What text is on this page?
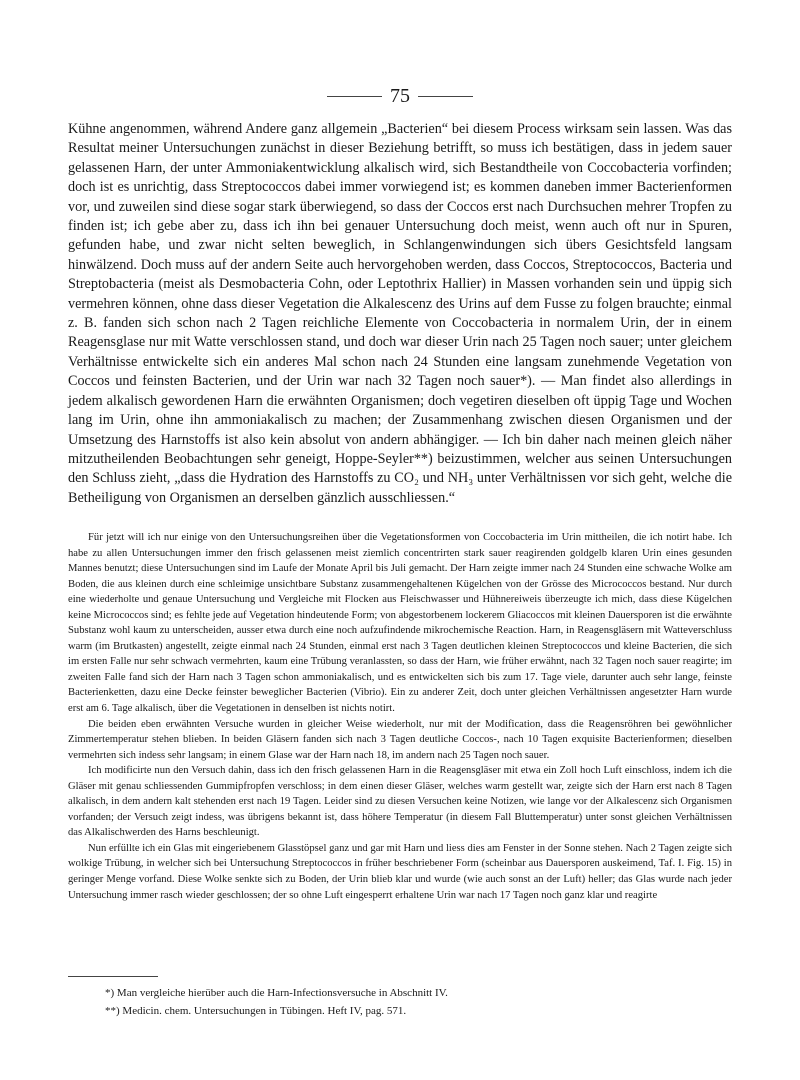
75

Kühne angenommen, während Andere ganz allgemein „Bacterien“ bei diesem Process wirksam sein lassen. Was das Resultat meiner Untersuchungen zunächst in dieser Beziehung betrifft, so muss ich bestätigen, dass in jedem sauer gelassenen Harn, der unter Ammoniakentwicklung alkalisch wird, sich Bestandtheile von Coccobacteria vorfinden; doch ist es unrichtig, dass Streptococcos dabei immer vorwiegend ist; es kommen daneben immer Bacterienformen vor, und zuweilen sind diese sogar stark überwiegend, so dass der Coccos erst nach Durchsuchen mehrer Tropfen zu finden ist; ich gebe aber zu, dass ich ihn bei genauer Untersuchung doch meist, wenn auch oft nur in Spuren, gefunden habe, und zwar nicht selten beweglich, in Schlangenwindungen sich übers Gesichtsfeld langsam hinwälzend. Doch muss auf der andern Seite auch hervorgehoben werden, dass Coccos, Streptococcos, Bacteria und Streptobacteria (meist als Desmobacteria Cohn, oder Leptothrix Hallier) in Massen vorhanden sein und üppig sich vermehren können, ohne dass dieser Vegetation die Alkalescenz des Urins auf dem Fusse zu folgen brauchte; einmal z. B. fanden sich schon nach 2 Tagen reichliche Elemente von Coccobacteria in normalem Urin, der in einem Reagensglase nur mit Watte verschlossen stand, und doch war dieser Urin nach 25 Tagen noch sauer; unter gleichem Verhältnisse entwickelte sich ein anderes Mal schon nach 24 Stunden eine langsam zunehmende Vegetation von Coccos und feinsten Bacterien, und der Urin war nach 32 Tagen noch sauer*). — Man findet also allerdings in jedem alkalisch gewordenen Harn die erwähnten Organismen; doch vegetiren dieselben oft üppig Tage und Wochen lang im Urin, ohne ihn ammoniakalisch zu machen; der Zusammenhang zwischen diesen Organismen und der Umsetzung des Harnstoffs ist also kein absolut von andern abhängiger. — Ich bin daher nach meinen gleich näher mitzutheilenden Beobachtungen sehr geneigt, Hoppe-Seyler**) beizustimmen, welcher aus seinen Untersuchungen den Schluss zieht, „dass die Hydration des Harnstoffs zu CO₂ und NH₃ unter Verhältnissen vor sich geht, welche die Betheiligung von Organismen an derselben gänzlich ausschliessen.“

Für jetzt will ich nur einige von den Untersuchungsreihen über die Vegetationsformen von Coccobacteria im Urin mittheilen, die ich notirt habe. Ich habe zu allen Untersuchungen immer den frisch gelassenen meist ziemlich concentrirten stark sauer reagirenden goldgelb klaren Urin eines gesunden Mannes benutzt; diese Untersuchungen sind im Laufe der Monate April bis Juli gemacht. Der Harn zeigte immer nach 24 Stunden eine schwache Wolke am Boden, die aus kleinen durch eine schleimige unsichtbare Substanz zusammengehaltenen Kügelchen von der Grösse des Micrococcos bestand. Nur durch eine wiederholte und genaue Untersuchung und Vergleiche mit Flocken aus Fleischwasser und Hühnereiweis überzeugte ich mich, dass diese Kügelchen keine Micrococcos sind; es fehlte jede auf Vegetation hindeutende Form; von abgestorbenem lockerem Gliacoccos mit kleinen Dauersporen ist die erwähnte Substanz wohl kaum zu unterscheiden, ausser etwa durch eine noch aufzufindende mikrochemische Reaction. Harn, in Reagensgläsern mit Watteverschluss warm (im Brutkasten) angestellt, zeigte einmal nach 24 Stunden, einmal erst nach 3 Tagen deutlichen kleinen Streptococcos und kleine Bacterien, die sich im ersten Falle nur sehr schwach vermehrten, kaum eine Trübung veranlassten, so dass der Harn, wie früher erwähnt, nach 32 Tagen noch sauer reagirte; im zweiten Falle fand sich der Harn nach 3 Tagen schon ammoniakalisch, und es entwickelten sich bis zum 17. Tage viele, darunter auch sehr lange, feinste Bacterienketten, dazu eine Decke feinster beweglicher Bacterien (Vibrio). Ein zu anderer Zeit, doch unter gleichen Verhältnissen angesetzter Harn wurde erst am 6. Tage alkalisch, über die Vegetationen in denselben ist nichts notirt.

Die beiden eben erwähnten Versuche wurden in gleicher Weise wiederholt, nur mit der Modification, dass die Reagensröhren bei gewöhnlicher Zimmertemperatur stehen blieben. In beiden Gläsern fanden sich nach 3 Tagen deutliche Coccos-, nach 10 Tagen exquisite Bacterienformen; dieselben vermehrten sich indess sehr langsam; in einem Glase war der Harn nach 18, im andern nach 25 Tagen noch sauer.

Ich modificirte nun den Versuch dahin, dass ich den frisch gelassenen Harn in die Reagensgläser mit etwa ein Zoll hoch Luft einschloss, indem ich die Gläser mit genau schliessenden Gummipfropfen verschloss; in dem einen dieser Gläser, welches warm gestellt war, zeigte sich der Harn erst nach 8 Tagen alkalisch, in dem andern kalt stehenden erst nach 19 Tagen. Leider sind zu diesen Versuchen keine Notizen, wie lange vor der Alkalescenz sich Organismen vorfanden; der Versuch zeigt indess, was übrigens bekannt ist, dass höhere Temperatur (in diesem Fall Bluttemperatur) unter sonst gleichen Verhältnissen das Alkalischwerden des Harns beschleunigt.

Nun erfüllte ich ein Glas mit eingeriebenem Glasstöpsel ganz und gar mit Harn und liess dies am Fenster in der Sonne stehen. Nach 2 Tagen zeigte sich wolkige Trübung, in welcher sich bei Untersuchung Streptococcos in früher beschriebener Form (scheinbar aus Dauersporen auskeimend, Taf. I. Fig. 15) in geringer Menge vorfand. Diese Wolke senkte sich zu Boden, der Urin blieb klar und wurde (wie auch sonst an der Luft) heller; das Glas wurde nach jeder Untersuchung immer rasch wieder geschlossen; der so ohne Luft eingesperrt erhaltene Urin war nach 17 Tagen noch ganz klar und reagirte

*) Man vergleiche hierüber auch die Harn-Infectionsversuche in Abschnitt IV.
**) Medicin. chem. Untersuchungen in Tübingen. Heft IV, pag. 571.
